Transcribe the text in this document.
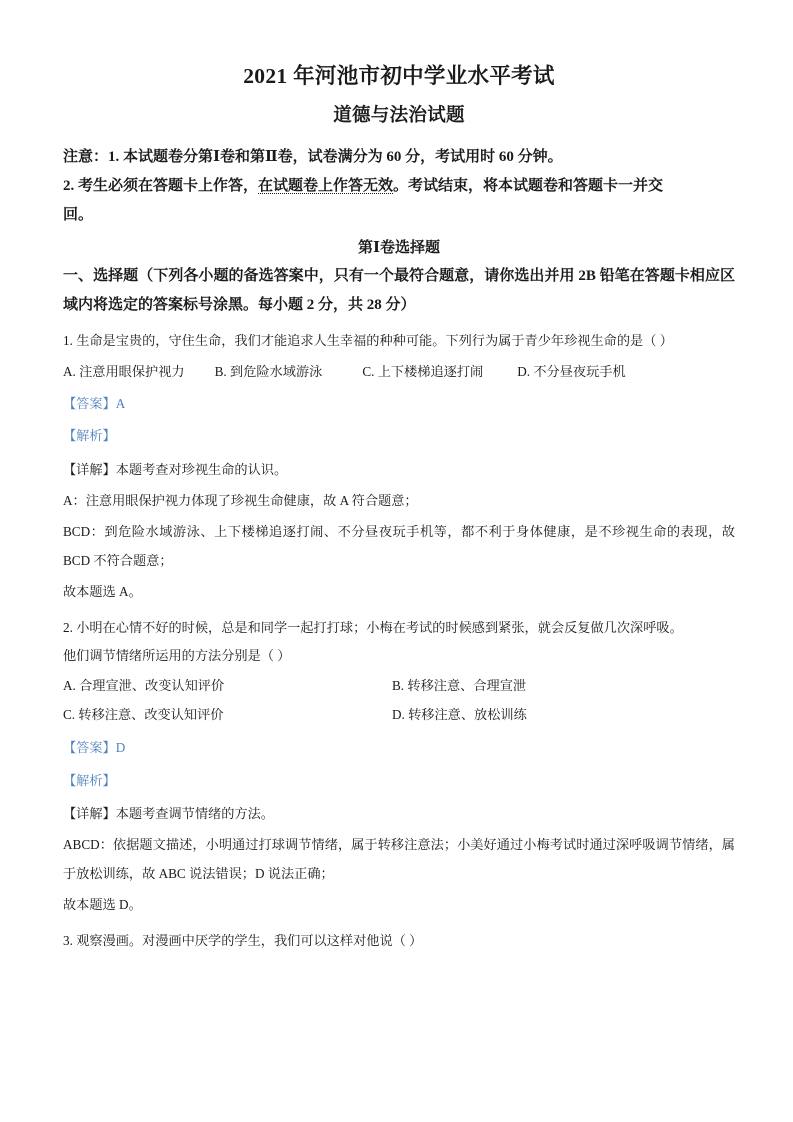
2021 年河池市初中学业水平考试
道德与法治试题
注意：1. 本试题卷分第Ⅰ卷和第Ⅱ卷，试卷满分为 60 分，考试用时 60 分钟。
2. 考生必须在答题卡上作答，在试题卷上作答无效。考试结束，将本试题卷和答题卡一并交
回。
第Ⅰ卷选择题

一、选择题（下列各小题的备选答案中，只有一个最符合题意，请你选出并用 2B 铅笔在答题卡相应区域内将选定的答案标号涂黑。每小题 2 分，共 28 分）

1. 生命是宝贵的，守住生命，我们才能追求人生幸福的种种可能。下列行为属于青少年珍视生命的是（ ）

A. 注意用眼保护视力 B. 到危险水域游泳	C. 上下楼梯追逐打闹	D. 不分昼夜玩手机

【答案】A

【解析】

【详解】本题考查对珍视生命的认识。

A：注意用眼保护视力体现了珍视生命健康，故 A 符合题意；

BCD：到危险水域游泳、上下楼梯追逐打闹、不分昼夜玩手机等，都不利于身体健康，是不珍视生命的表现，故 BCD 不符合题意；

故本题选 A。

2. 小明在心情不好的时候，总是和同学一起打打球；小梅在考试的时候感到紧张，就会反复做几次深呼吸。

他们调节情绪所运用的方法分别是（ ）

A. 合理宣泄、改变认知评价	B. 转移注意、合理宣泄
C. 转移注意、改变认知评价	D. 转移注意、放松训练

【答案】D

【解析】

【详解】本题考查调节情绪的方法。

ABCD：依据题文描述，小明通过打球调节情绪，属于转移注意法；小美好通过小梅考试时通过深呼吸调节情绪，属于放松训练，故 ABC 说法错误；D 说法正确；

故本题选 D。

3. 观察漫画。对漫画中厌学的学生，我们可以这样对他说（ ）
